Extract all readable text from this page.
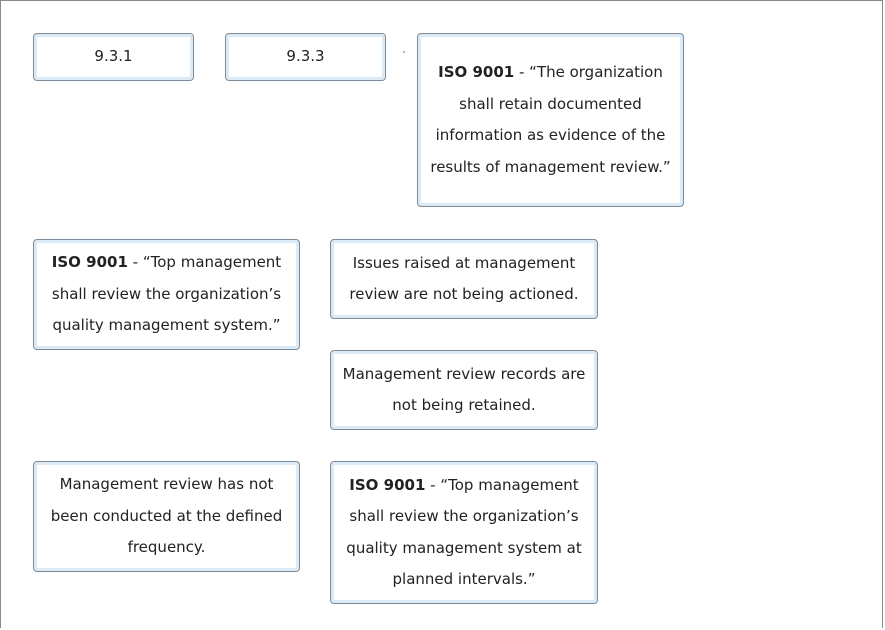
9.3.1	9.3.3
ISO 9001 - “The organization shall retain documented information as evidence of the results of management review.”
ISO 9001 - “Top management shall review the organization’s quality management system.”
Issues raised at management review are not being actioned.
Management review records are not being retained.
Management review has not been conducted at the defined frequency.
ISO 9001 - “Top management shall review the organization’s quality management system at planned intervals.”
